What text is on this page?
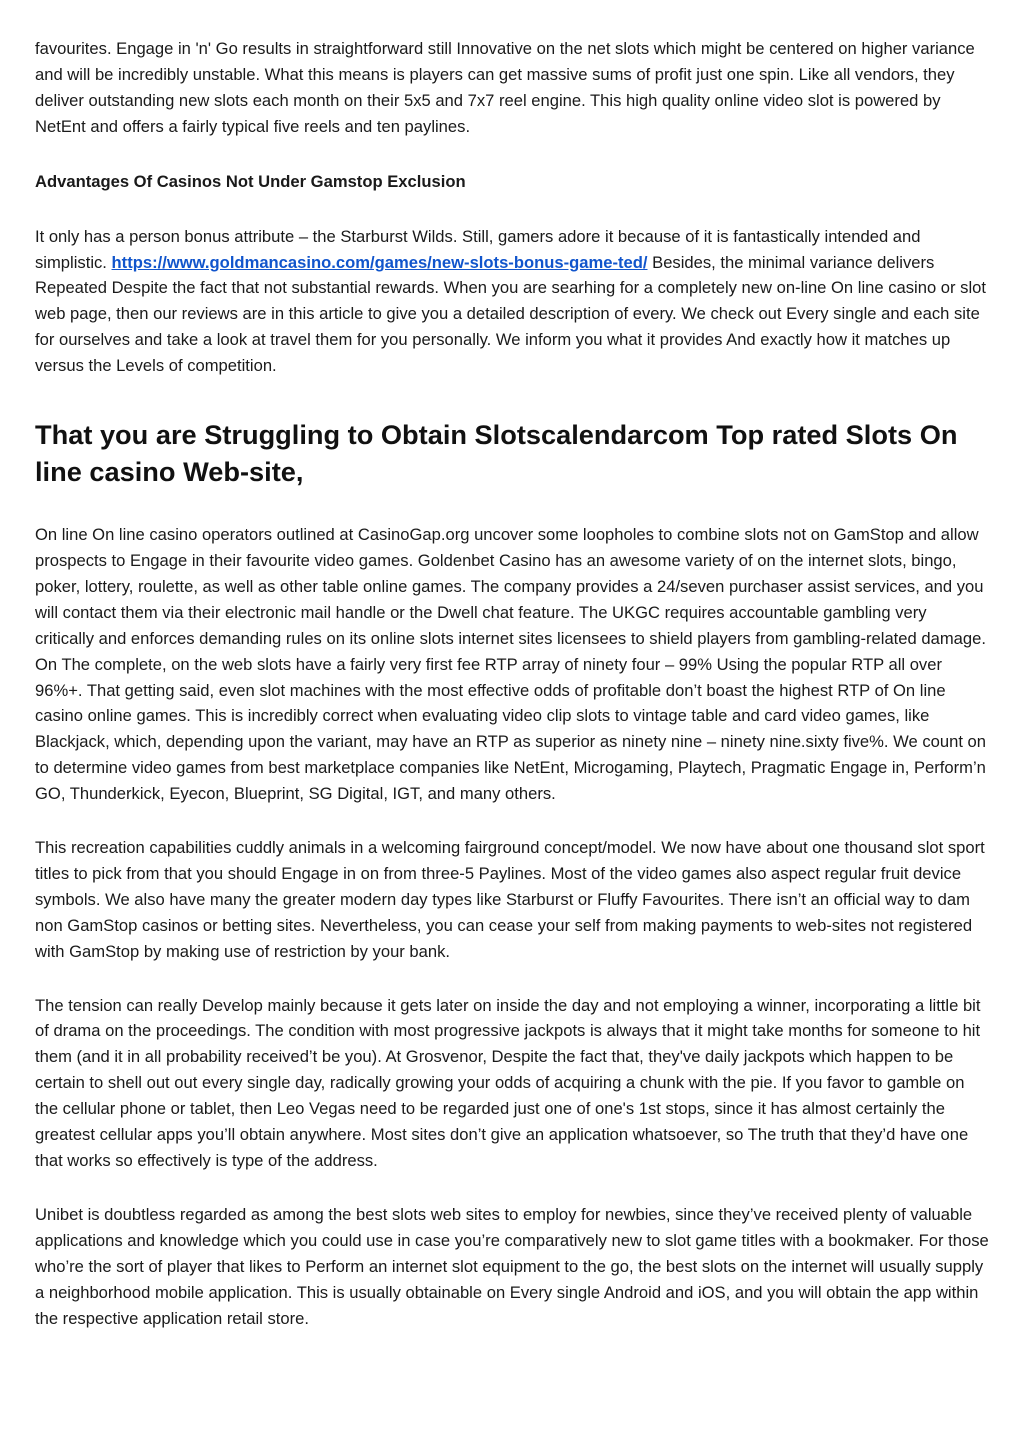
favourites. Engage in 'n' Go results in straightforward still Innovative on the net slots which might be centered on higher variance and will be incredibly unstable. What this means is players can get massive sums of profit just one spin. Like all vendors, they deliver outstanding new slots each month on their 5x5 and 7x7 reel engine. This high quality online video slot is powered by NetEnt and offers a fairly typical five reels and ten paylines.

Advantages Of Casinos Not Under Gamstop Exclusion

It only has a person bonus attribute – the Starburst Wilds. Still, gamers adore it because of it is fantastically intended and simplistic. https://www.goldmancasino.com/games/new-slots-bonus-game-ted/ Besides, the minimal variance delivers Repeated Despite the fact that not substantial rewards. When you are searhing for a completely new on-line On line casino or slot web page, then our reviews are in this article to give you a detailed description of every. We check out Every single and each site for ourselves and take a look at travel them for you personally. We inform you what it provides And exactly how it matches up versus the Levels of competition.

That you are Struggling to Obtain Slotscalendarcom Top rated Slots On line casino Web-site,

On line On line casino operators outlined at CasinoGap.org uncover some loopholes to combine slots not on GamStop and allow prospects to Engage in their favourite video games. Goldenbet Casino has an awesome variety of on the internet slots, bingo, poker, lottery, roulette, as well as other table online games. The company provides a 24/seven purchaser assist services, and you will contact them via their electronic mail handle or the Dwell chat feature. The UKGC requires accountable gambling very critically and enforces demanding rules on its online slots internet sites licensees to shield players from gambling-related damage. On The complete, on the web slots have a fairly very first fee RTP array of ninety four – 99% Using the popular RTP all over 96%+. That getting said, even slot machines with the most effective odds of profitable don’t boast the highest RTP of On line casino online games. This is incredibly correct when evaluating video clip slots to vintage table and card video games, like Blackjack, which, depending upon the variant, may have an RTP as superior as ninety nine – ninety nine.sixty five%. We count on to determine video games from best marketplace companies like NetEnt, Microgaming, Playtech, Pragmatic Engage in, Perform’n GO, Thunderkick, Eyecon, Blueprint, SG Digital, IGT, and many others.

This recreation capabilities cuddly animals in a welcoming fairground concept/model. We now have about one thousand slot sport titles to pick from that you should Engage in on from three-5 Paylines. Most of the video games also aspect regular fruit device symbols. We also have many the greater modern day types like Starburst or Fluffy Favourites. There isn’t an official way to dam non GamStop casinos or betting sites. Nevertheless, you can cease your self from making payments to web-sites not registered with GamStop by making use of restriction by your bank.

The tension can really Develop mainly because it gets later on inside the day and not employing a winner, incorporating a little bit of drama on the proceedings. The condition with most progressive jackpots is always that it might take months for someone to hit them (and it in all probability received’t be you). At Grosvenor, Despite the fact that, they've daily jackpots which happen to be certain to shell out out every single day, radically growing your odds of acquiring a chunk with the pie. If you favor to gamble on the cellular phone or tablet, then Leo Vegas need to be regarded just one of one's 1st stops, since it has almost certainly the greatest cellular apps you’ll obtain anywhere. Most sites don’t give an application whatsoever, so The truth that they’d have one that works so effectively is type of the address.

Unibet is doubtless regarded as among the best slots web sites to employ for newbies, since they’ve received plenty of valuable applications and knowledge which you could use in case you’re comparatively new to slot game titles with a bookmaker. For those who’re the sort of player that likes to Perform an internet slot equipment to the go, the best slots on the internet will usually supply a neighborhood mobile application. This is usually obtainable on Every single Android and iOS, and you will obtain the app within the respective application retail store.
